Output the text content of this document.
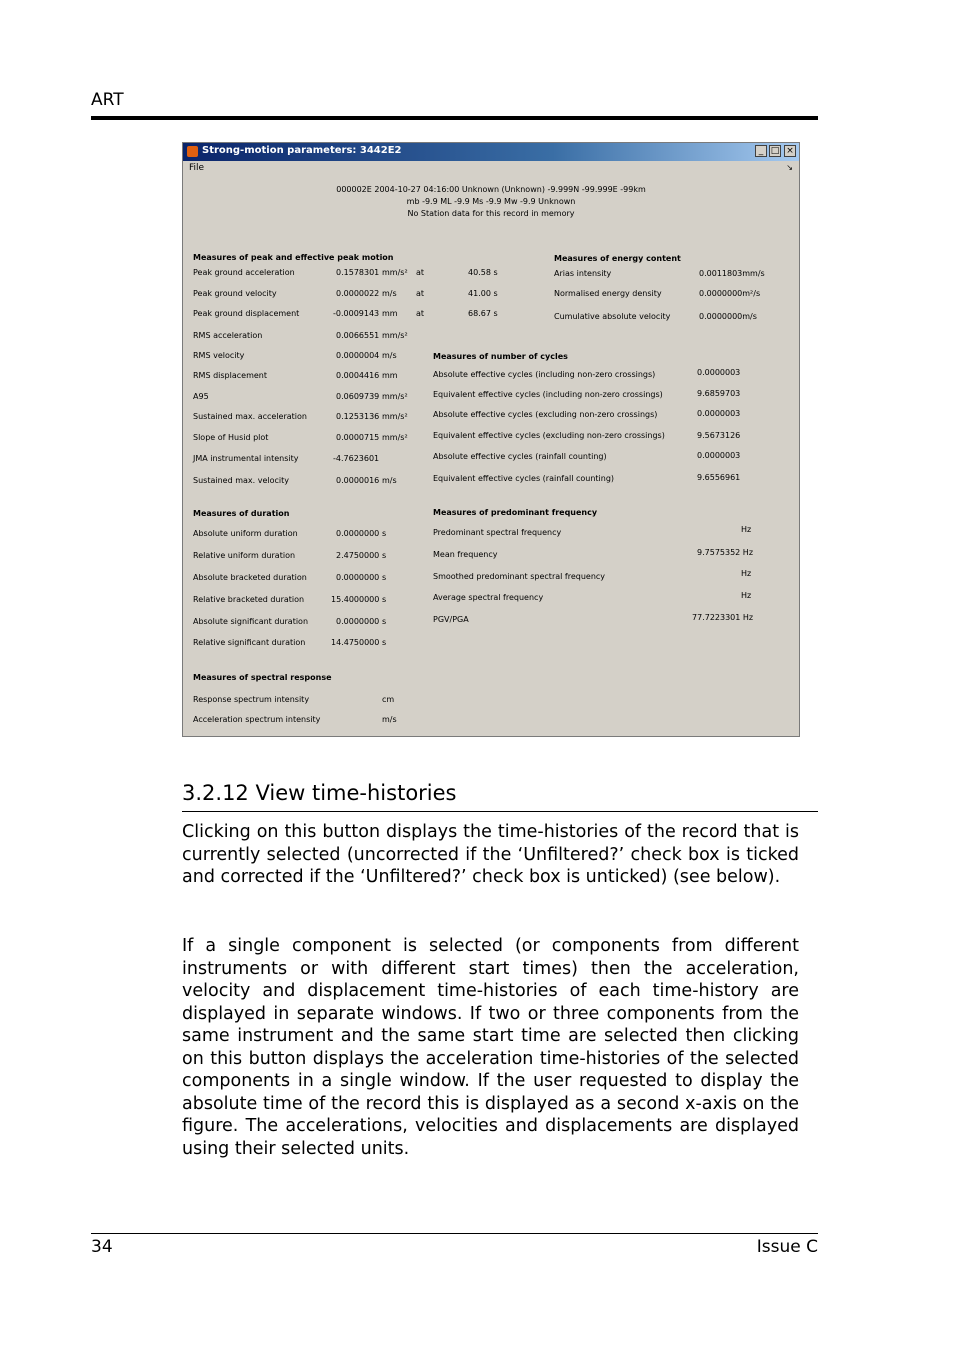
ART
Strong-motion parameters: 3442E2	_ □ ×
File	↘
000002E 2004-10-27 04:16:00 Unknown (Unknown) -9.999N -99.999E -99km
mb -9.9 ML -9.9 Ms -9.9 Mw -9.9 Unknown
No Station data for this record in memory
Measures of peak and effective peak motion
Peak ground acceleration	0.1578301 mm/s² at	40.58 s
Peak ground velocity	0.0000022 m/s at	41.00 s
Peak ground displacement	-0.0009143 mm at	68.67 s
RMS acceleration	0.0066551 mm/s²
RMS velocity	0.0000004 m/s
RMS displacement	0.0004416 mm
A95	0.0609739 mm/s²
Sustained max. acceleration	0.1253136 mm/s²
Slope of Husid plot	0.0000715 mm/s²
JMA instrumental intensity	-4.7623601
Sustained max. velocity	0.0000016 m/s
Measures of energy content
Arias intensity	0.0011803mm/s
Normalised energy density	0.0000000m²/s
Cumulative absolute velocity	0.0000000m/s
Measures of number of cycles
Absolute effective cycles (including non-zero crossings)	0.0000003
Equivalent effective cycles (including non-zero crossings)	9.6859703
Absolute effective cycles (excluding non-zero crossings)	0.0000003
Equivalent effective cycles (excluding non-zero crossings)	9.5673126
Absolute effective cycles (rainfall counting)	0.0000003
Equivalent effective cycles (rainfall counting)	9.6556961
Measures of duration
Absolute uniform duration	0.0000000 s
Relative uniform duration	2.4750000 s
Absolute bracketed duration	0.0000000 s
Relative bracketed duration	15.4000000 s
Absolute significant duration	0.0000000 s
Relative significant duration	14.4750000 s
Measures of predominant frequency
Predominant spectral frequency	Hz
Mean frequency	9.7575352 Hz
Smoothed predominant spectral frequency	Hz
Average spectral frequency	Hz
PGV/PGA	77.7223301 Hz
Measures of spectral response
Response spectrum intensity	cm
Acceleration spectrum intensity	m/s
3.2.12 View time-histories

Clicking on this button displays the time-histories of the record that is currently selected (uncorrected if the ‘Unfiltered?’ check box is ticked and corrected if the ‘Unfiltered?’ check box is unticked) (see below).

If a single component is selected (or components from different instruments or with different start times) then the acceleration, velocity and displacement time-histories of each time-history are displayed in separate windows. If two or three components from the same instrument and the same start time are selected then clicking on this button displays the acceleration time-histories of the selected components in a single window. If the user requested to display the absolute time of the record this is displayed as a second x-axis on the figure. The accelerations, velocities and displacements are displayed using their selected units.

34	Issue C
